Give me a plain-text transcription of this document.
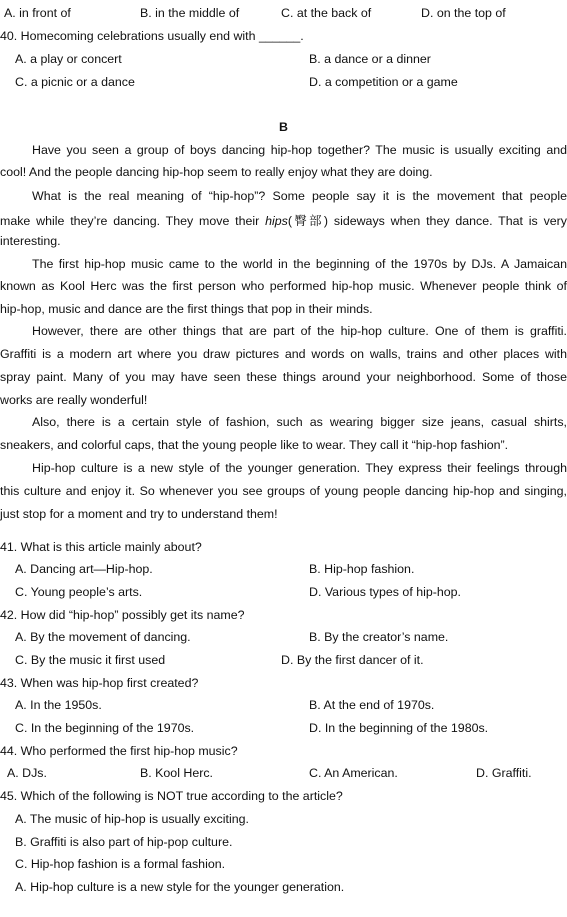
A. in front of	B. in the middle of	C. at the back of	D. on the top of
40. Homecoming celebrations usually end with ______.
A. a play or concert	B. a dance or a dinner
C. a picnic or a dance	D. a competition or a game
B
Have you seen a group of boys dancing hip-hop together? The music is usually exciting and
cool! And the people dancing hip-hop seem to really enjoy what they are doing.
What is the real meaning of “hip-hop”? Some people say it is the movement that people
make while they’re dancing. They move their hips(臀部) sideways when they dance. That is very
interesting.
The first hip-hop music came to the world in the beginning of the 1970s by DJs. A Jamaican
known as Kool Herc was the first person who performed hip-hop music. Whenever people think of
hip-hop, music and dance are the first things that pop in their minds.
However, there are other things that are part of the hip-hop culture. One of them is graffiti.
Graffiti is a modern art where you draw pictures and words on walls, trains and other places with
spray paint. Many of you may have seen these things around your neighborhood. Some of those
works are really wonderful!
Also, there is a certain style of fashion, such as wearing bigger size jeans, casual shirts,
sneakers, and colorful caps, that the young people like to wear. They call it “hip-hop fashion”.
Hip-hop culture is a new style of the younger generation. They express their feelings through
this culture and enjoy it. So whenever you see groups of young people dancing hip-hop and singing,
just stop for a moment and try to understand them!
41. What is this article mainly about?
A. Dancing art—Hip-hop.	B. Hip-hop fashion.
C. Young people’s arts.	D. Various types of hip-hop.
42. How did “hip-hop” possibly get its name?
A. By the movement of dancing.	B. By the creator’s name.
C. By the music it first used	D. By the first dancer of it.
43. When was hip-hop first created?
A. In the 1950s.	B. At the end of 1970s.
C. In the beginning of the 1970s.	D. In the beginning of the 1980s.
44. Who performed the first hip-hop music?
A. DJs.	B. Kool Herc.	C. An American.	D. Graffiti.
45. Which of the following is NOT true according to the article?
A. The music of hip-hop is usually exciting.
B. Graffiti is also part of hip-pop culture.
C. Hip-hop fashion is a formal fashion.
A. Hip-hop culture is a new style for the younger generation.
